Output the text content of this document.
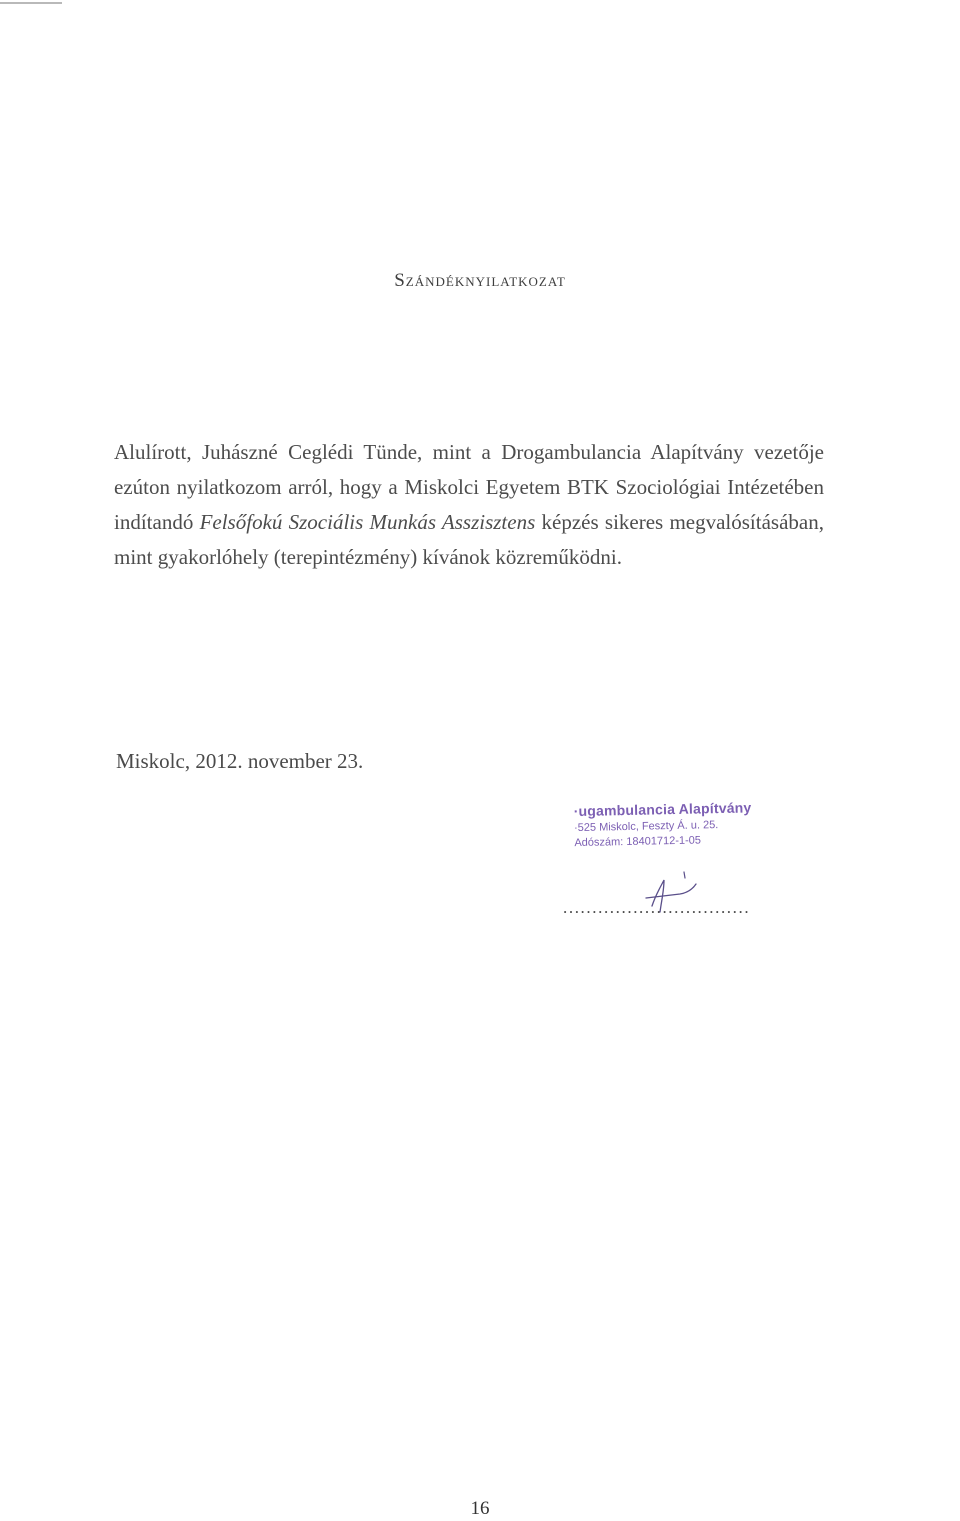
Szándéknyilatkozat

Alulírott, Juhászné Ceglédi Tünde, mint a Drogambulancia Alapítvány vezetője ezúton nyilatkozom arról, hogy a Miskolci Egyetem BTK Szociológiai Intézetében indítandó Felsőfokú Szociális Munkás Asszisztens képzés sikeres megvalósításában, mint gyakorlóhely (terepintézmény) kívánok közreműködni.

Miskolc, 2012. november 23.
·ugambulancia Alapítvány
·525 Miskolc, Feszty Á. u. 25.
Adószám: 18401712-1-05
................................
16
